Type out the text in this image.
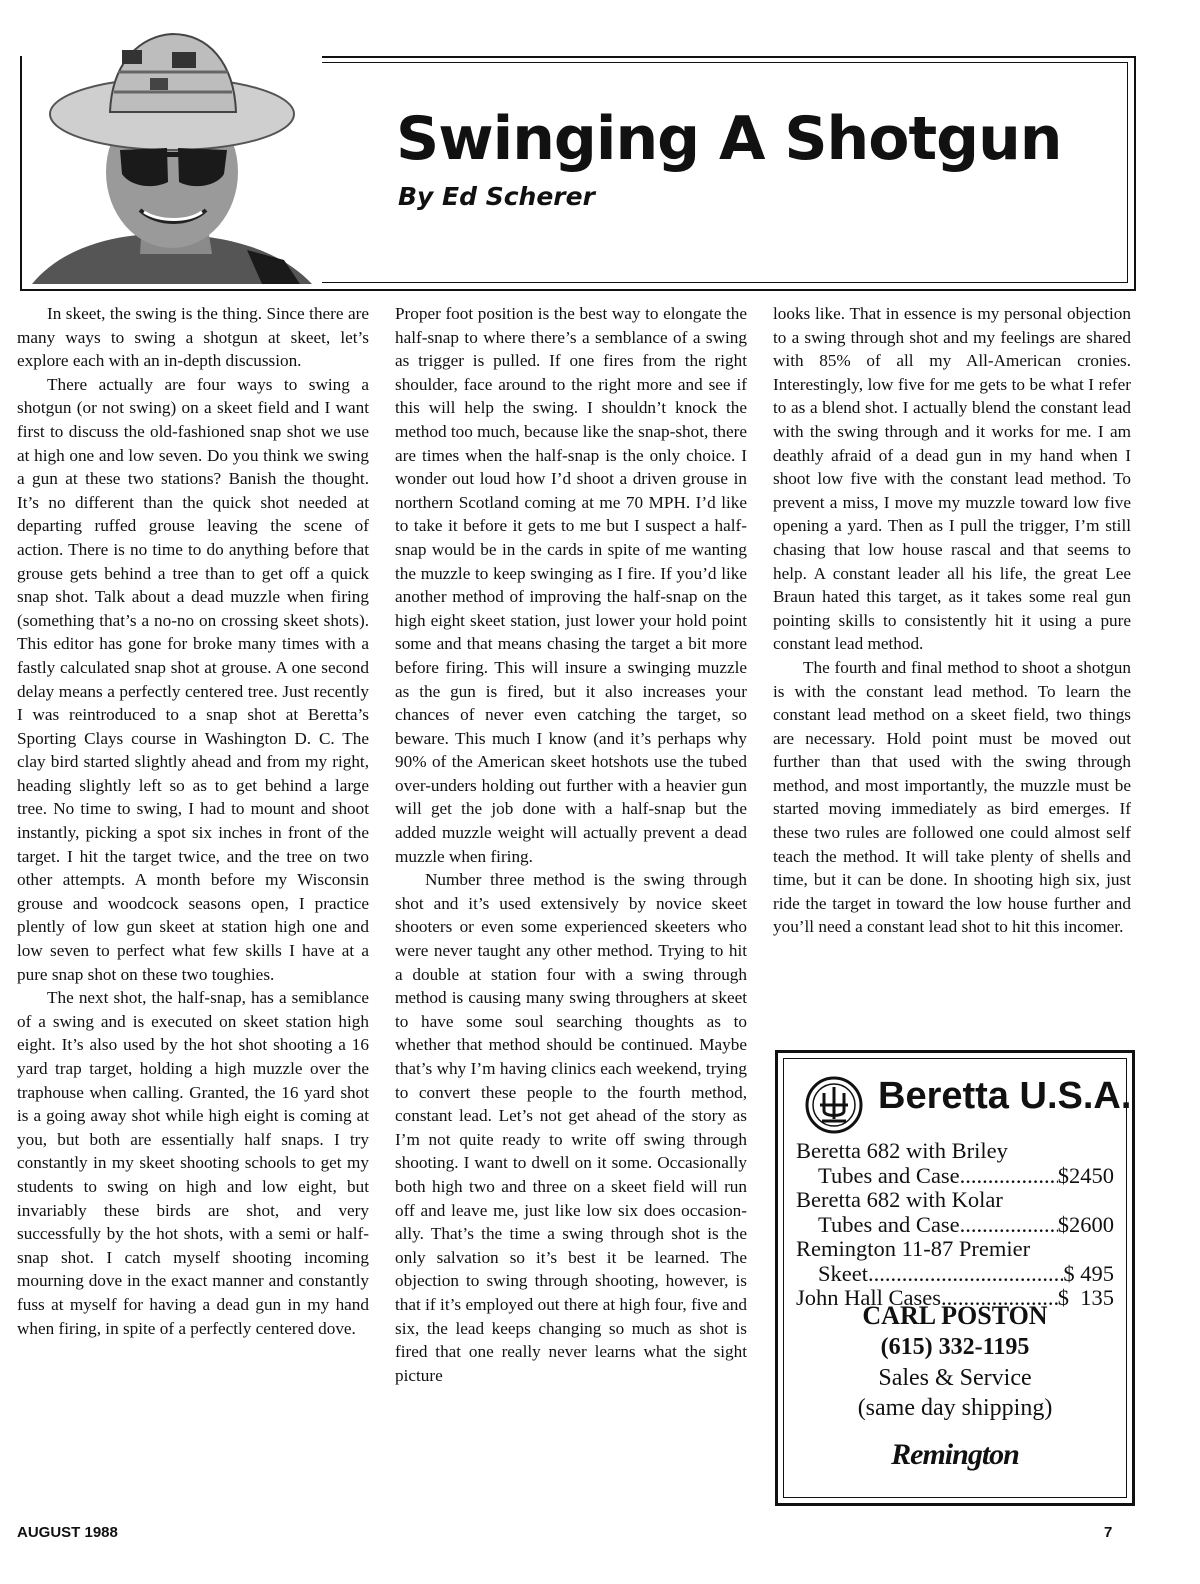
Swinging A Shotgun
By Ed Scherer

In skeet, the swing is the thing. Since there are many ways to swing a shotgun at skeet, let’s explore each with an in-depth discussion.

There actually are four ways to swing a shotgun (or not swing) on a skeet field and I want first to discuss the old-fashioned snap shot we use at high one and low seven. Do you think we swing a gun at these two stations? Banish the thought. It’s no different than the quick shot needed at departing ruffed grouse leaving the scene of action. There is no time to do anything before that grouse gets behind a tree than to get off a quick snap shot. Talk about a dead muzzle when firing (something that’s a no-no on crossing skeet shots). This editor has gone for broke many times with a fastly calculated snap shot at grouse. A one second delay means a perfectly centered tree. Just recently I was reintroduced to a snap shot at Beretta’s Sporting Clays course in Washington D. C. The clay bird started slightly ahead and from my right, heading slightly left so as to get behind a large tree. No time to swing, I had to mount and shoot instantly, picking a spot six inches in front of the target. I hit the target twice, and the tree on two other attempts. A month before my Wisconsin grouse and woodcock seasons open, I practice plently of low gun skeet at station high one and low seven to perfect what few skills I have at a pure snap shot on these two toughies.

The next shot, the half-snap, has a semiblance of a swing and is executed on skeet station high eight. It’s also used by the hot shot shooting a 16 yard trap target, holding a high muzzle over the traphouse when calling. Granted, the 16 yard shot is a going away shot while high eight is coming at you, but both are essentially half snaps. I try constantly in my skeet shooting schools to get my students to swing on high and low eight, but invariably these birds are shot, and very successfully by the hot shots, with a semi or half-snap shot. I catch myself shooting incoming mourning dove in the exact manner and constantly fuss at myself for having a dead gun in my hand when firing, in spite of a perfectly centered dove.

Proper foot position is the best way to elongate the half-snap to where there’s a semblance of a swing as trigger is pulled. If one fires from the right shoulder, face around to the right more and see if this will help the swing. I shouldn’t knock the method too much, because like the snap-shot, there are times when the half-snap is the only choice. I wonder out loud how I’d shoot a driven grouse in northern Scotland coming at me 70 MPH. I’d like to take it before it gets to me but I suspect a half-snap would be in the cards in spite of me wanting the muzzle to keep swinging as I fire. If you’d like another method of improving the half-snap on the high eight skeet station, just lower your hold point some and that means chasing the target a bit more before firing. This will insure a swinging muzzle as the gun is fired, but it also increases your chances of never even catching the target, so beware. This much I know (and it’s perhaps why 90% of the American skeet hotshots use the tubed over-unders holding out further with a heavier gun will get the job done with a half-snap but the added muzzle weight will actually prevent a dead muzzle when firing.

Number three method is the swing through shot and it’s used extensively by novice skeet shooters or even some experienced skeeters who were never taught any other method. Trying to hit a double at station four with a swing through method is causing many swing throughers at skeet to have some soul searching thoughts as to whether that method should be continued. Maybe that’s why I’m having clinics each weekend, trying to convert these people to the fourth method, constant lead. Let’s not get ahead of the story as I’m not quite ready to write off swing through shooting. I want to dwell on it some. Occasionally both high two and three on a skeet field will run off and leave me, just like low six does occasionally. That’s the time a swing through shot is the only salvation so it’s best it be learned. The objection to swing through shooting, however, is that if it’s employed out there at high four, five and six, the lead keeps changing so much as shot is fired that one really never learns what the sight picture

looks like. That in essence is my personal objection to a swing through shot and my feelings are shared with 85% of all my All-American cronies. Interestingly, low five for me gets to be what I refer to as a blend shot. I actually blend the constant lead with the swing through and it works for me. I am deathly afraid of a dead gun in my hand when I shoot low five with the constant lead method. To prevent a miss, I move my muzzle toward low five opening a yard. Then as I pull the trigger, I’m still chasing that low house rascal and that seems to help. A constant leader all his life, the great Lee Braun hated this target, as it takes some real gun pointing skills to consistently hit it using a pure constant lead method.

The fourth and final method to shoot a shotgun is with the constant lead method. To learn the constant lead method on a skeet field, two things are necessary. Hold point must be moved out further than that used with the swing through method, and most importantly, the muzzle must be started moving immediately as bird emerges. If these two rules are followed one could almost self teach the method. It will take plenty of shells and time, but it can be done. In shooting high six, just ride the target in toward the low house further and you’ll need a constant lead shot to hit this incomer.

Beretta U.S.A.
Beretta 682 with Briley
Tubes and Case .....	$2450
Beretta 682 with Kolar
Tubes and Case .....	$2600
Remington 11-87 Premier
Skeet .....	$ 495
John Hall Cases .....	$  135
CARL POSTON
(615) 332-1195
Sales & Service
(same day shipping)
Remington
AUGUST 1988	7
